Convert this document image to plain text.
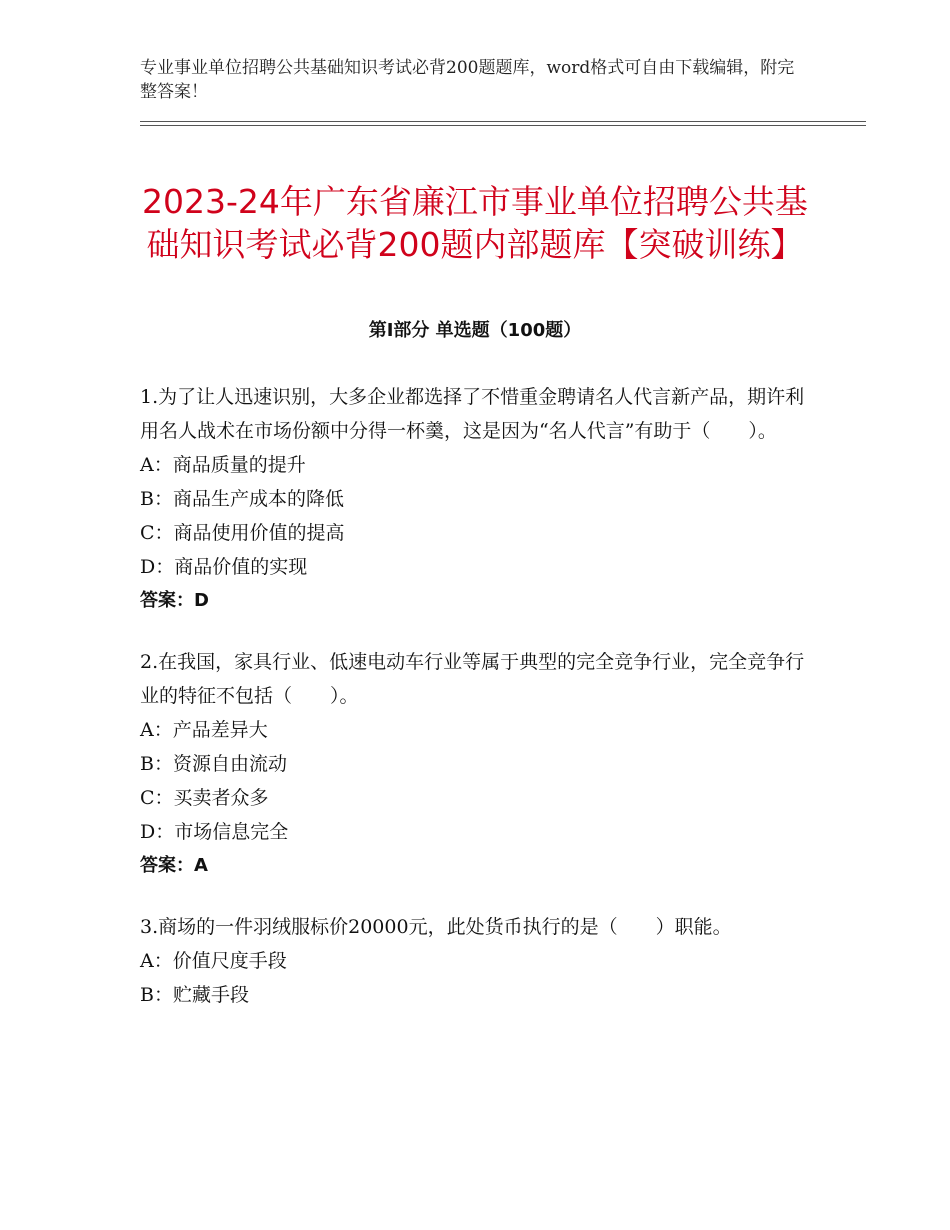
专业事业单位招聘公共基础知识考试必背200题题库，word格式可自由下载编辑，附完整答案！
2023-24年广东省廉江市事业单位招聘公共基础知识考试必背200题内部题库【突破训练】
第Ⅰ部分 单选题（100题）

1.为了让人迅速识别，大多企业都选择了不惜重金聘请名人代言新产品，期许利用名人战术在市场份额中分得一杯羹，这是因为“名人代言”有助于（　　）。

A：商品质量的提升

B：商品生产成本的降低

C：商品使用价值的提高

D：商品价值的实现

答案：D

2.在我国，家具行业、低速电动车行业等属于典型的完全竞争行业，完全竞争行业的特征不包括（　　）。

A：产品差异大

B：资源自由流动

C：买卖者众多

D：市场信息完全

答案：A

3.商场的一件羽绒服标价20000元，此处货币执行的是（　　）职能。

A：价值尺度手段

B：贮藏手段
